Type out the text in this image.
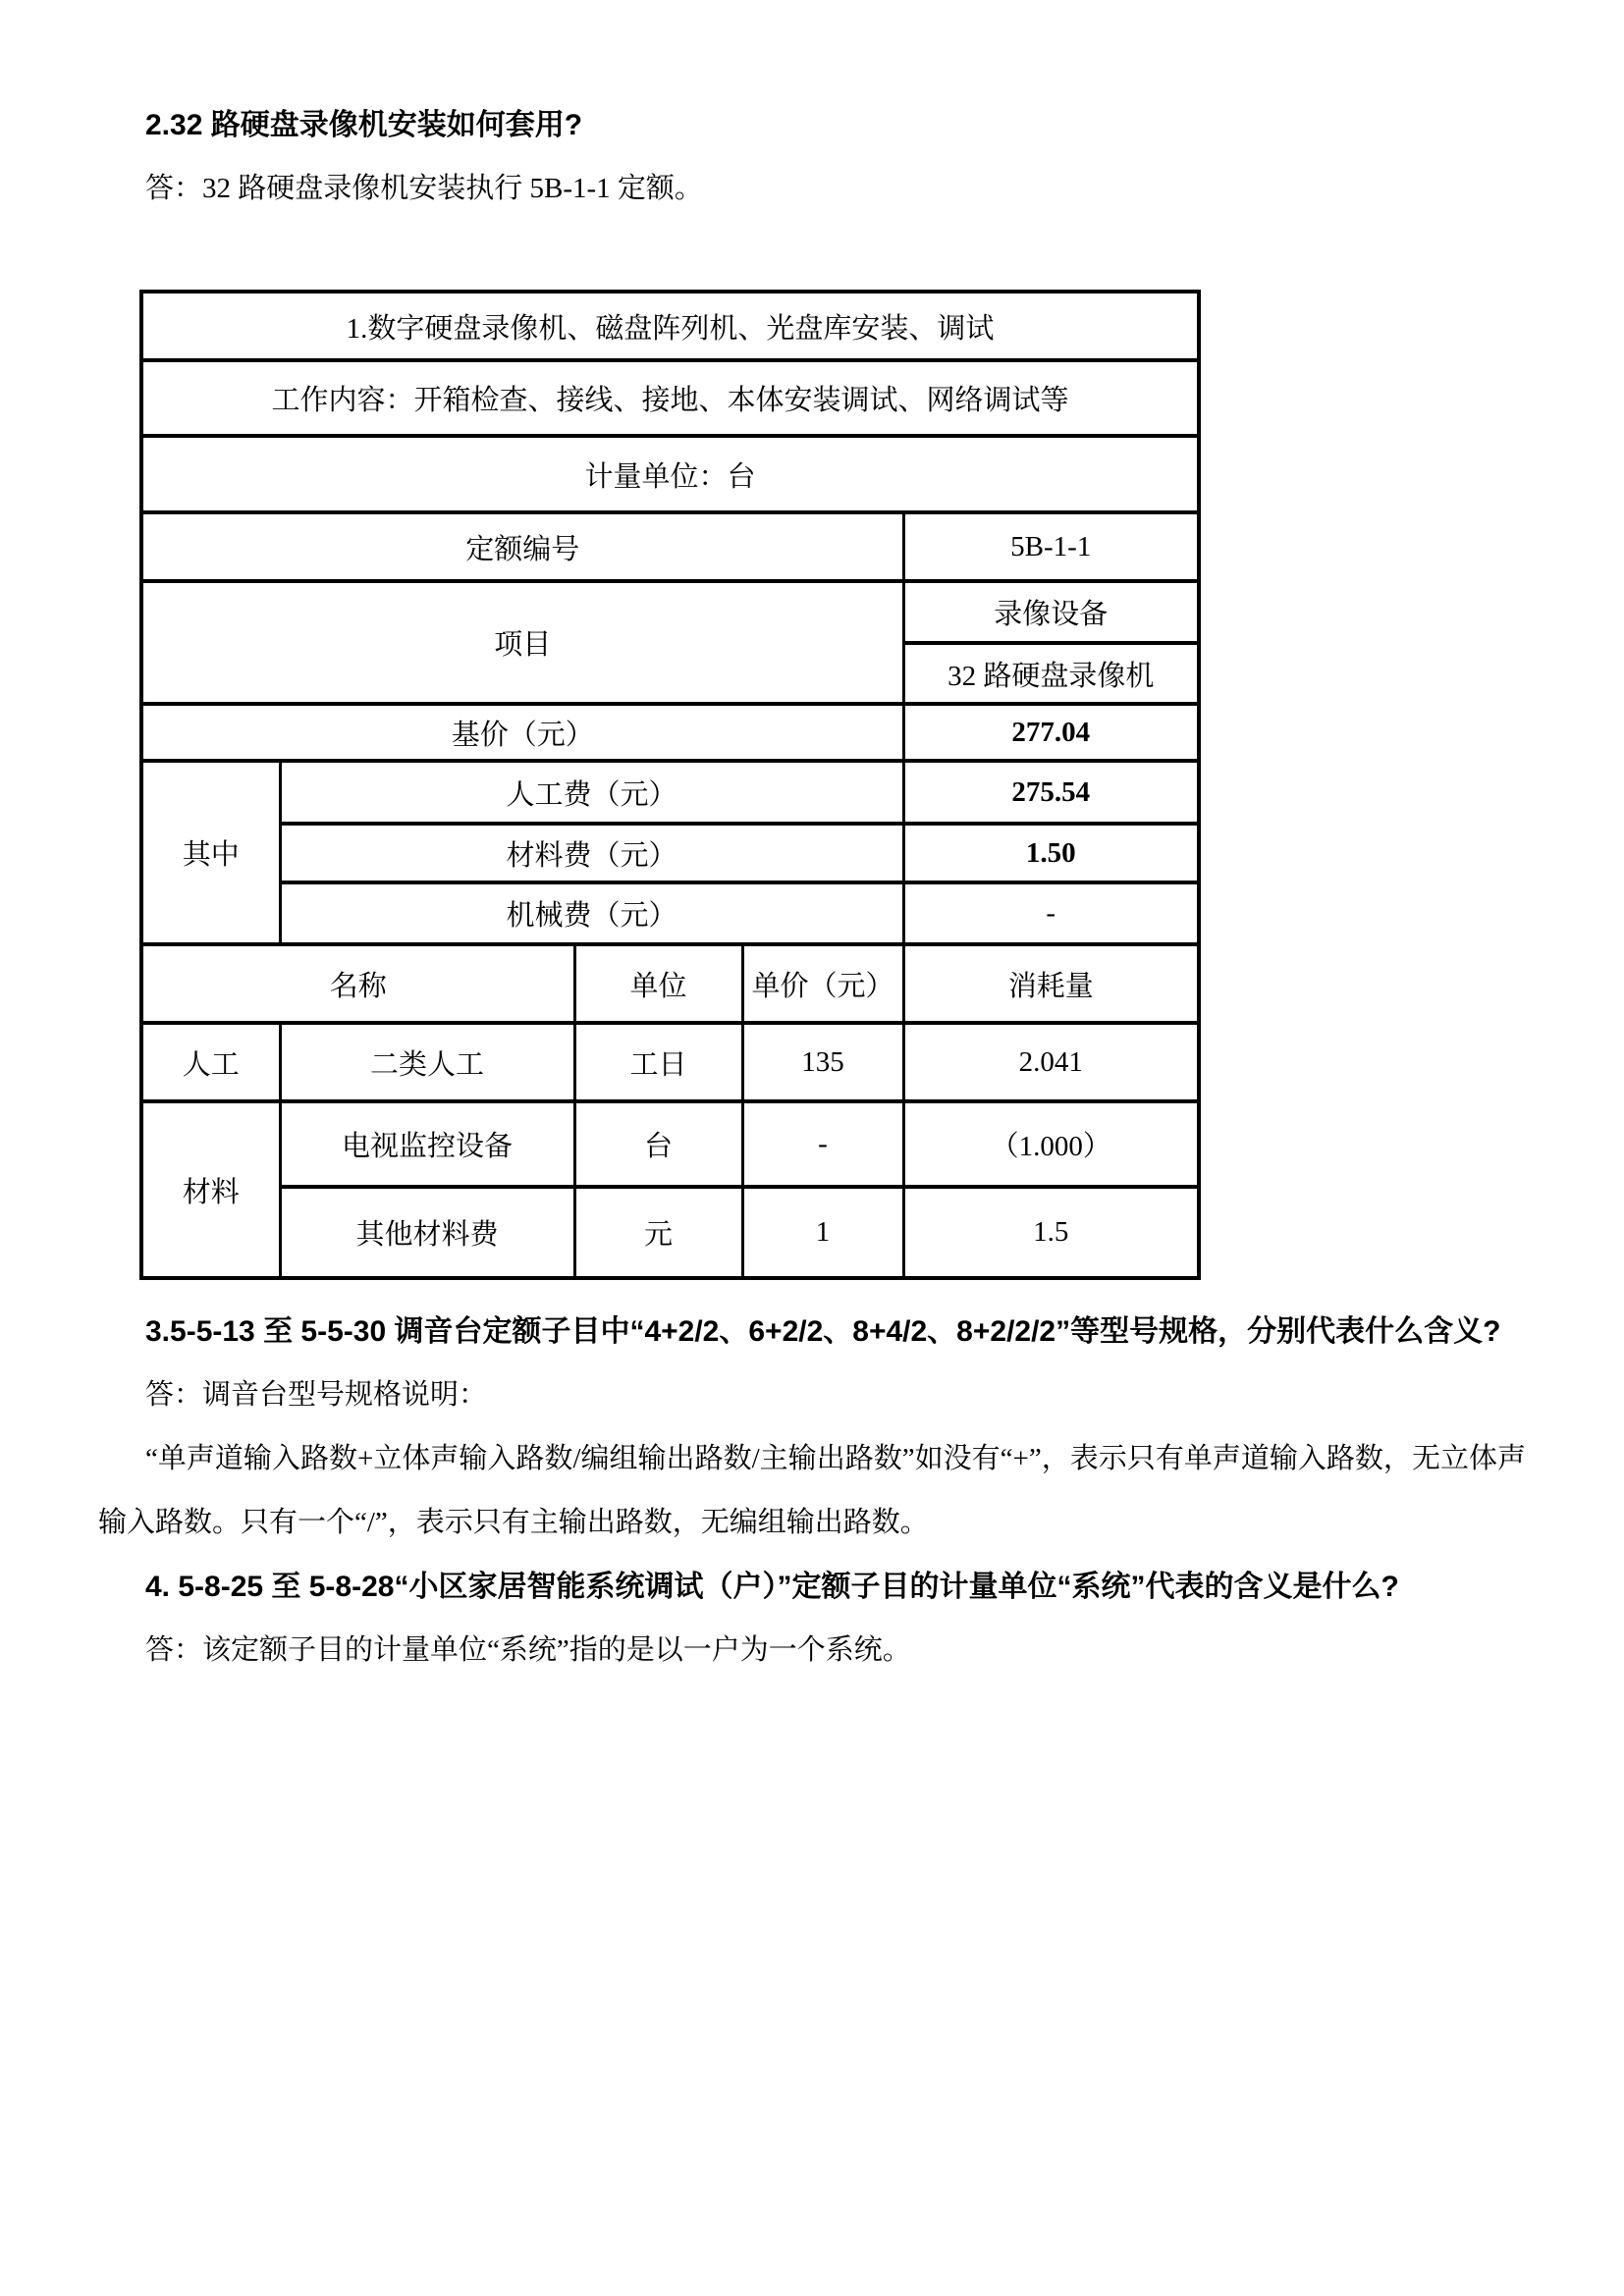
2.32 路硬盘录像机安装如何套用?

答：32 路硬盘录像机安装执行 5B-1-1 定额。

1.数字硬盘录像机、磁盘阵列机、光盘库安装、调试				
工作内容：开箱检查、接线、接地、本体安装调试、网络调试等				
计量单位：台				
定额编号				5B-1-1
项目				录像设备
				32 路硬盘录像机
基价（元）				277.04
其中	人工费（元）			275.54
	材料费（元）			1.50
	机械费（元）			-
名称		单位	单价（元）	消耗量
人工	二类人工	工日	135	2.041
材料	电视监控设备	台	-	（1.000）
	其他材料费	元	1	1.5

3.5-5-13 至 5-5-30 调音台定额子目中“4+2/2、6+2/2、8+4/2、8+2/2/2”等型号规格，分别代表什么含义?

答：调音台型号规格说明：

“单声道输入路数+立体声输入路数/编组输出路数/主输出路数”如没有“+”，表示只有单声道输入路数，无立体声输入路数。只有一个“/”，表示只有主输出路数，无编组输出路数。

4. 5-8-25 至 5-8-28“小区家居智能系统调试（户）”定额子目的计量单位“系统”代表的含义是什么?

答：该定额子目的计量单位“系统”指的是以一户为一个系统。
